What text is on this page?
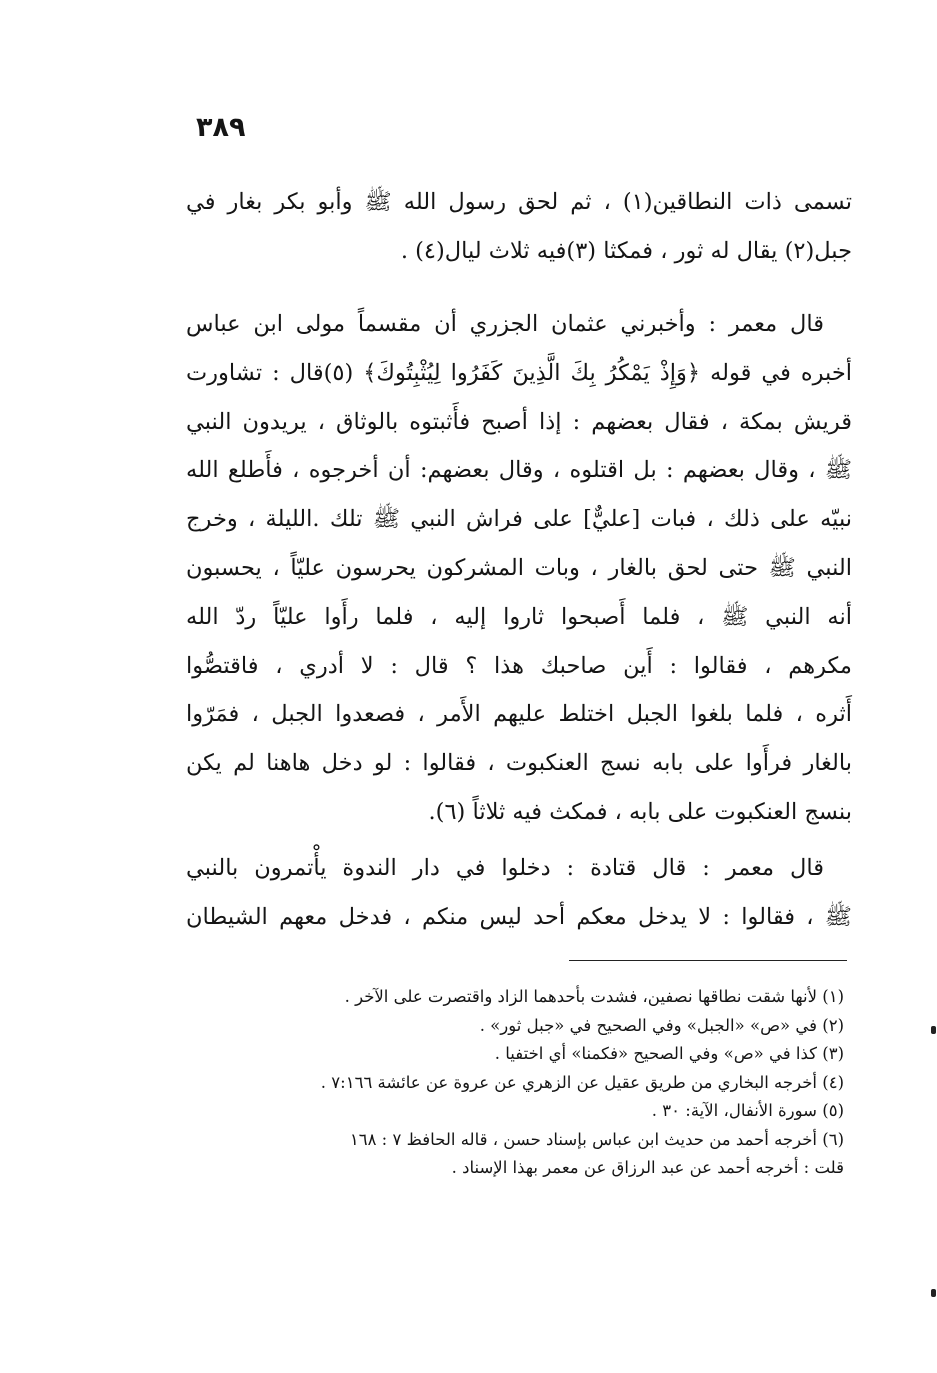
٣٨٩

تسمى ذات النطاقين(١) ، ثم لحق رسول الله ﷺ وأبو بكر بغار في

جبل(٢) يقال له ثور ، فمكثا (٣)فيه ثلاث ليال(٤) .

قال معمر : وأخبرني عثمان الجزري أن مقسماً مولى ابن عباس

أخبره في قوله ﴿وَإِذْ يَمْكُرُ بِكَ الَّذِينَ كَفَرُوا لِيُثْبِتُوكَ﴾ (٥)قال : تشاورت

قريش بمكة ، فقال بعضهم : إذا أصبح فأَثبتوه بالوثاق ، يريدون النبي

ﷺ ، وقال بعضهم : بل اقتلوه ، وقال بعضهم: أن أخرجوه ، فأَطلع الله

نبيّه على ذلك ، فبات [عليٌّ] على فراش النبي ﷺ تلك .الليلة ، وخرج

النبي ﷺ حتى لحق بالغار ، وبات المشركون يحرسون عليّاً ، يحسبون

أنه النبي ﷺ ، فلما أَصبحوا ثاروا إليه ، فلما رأَوا عليّاً ردّ الله

مكرهم ، فقالوا : أَين صاحبك هذا ؟ قال : لا أدري ، فاقتصُّوا

أَثره ، فلما بلغوا الجبل اختلط عليهم الأَمر ، فصعدوا الجبل ، فمَرّوا

بالغار فرأَوا على بابه نسج العنكبوت ، فقالوا : لو دخل هاهنا لم يكن

بنسج العنكبوت على بابه ، فمكث فيه ثلاثاً (٦).

قال معمر : قال قتادة : دخلوا في دار الندوة يأْتمرون بالنبي

ﷺ ، فقالوا : لا يدخل معكم أحد ليس منكم ، فدخل معهم الشيطان

(١) لأنها شقت نطاقها نصفين، فشدت بأحدهما الزاد واقتصرت على الآخر .

(٢) في «ص» «الجبل» وفي الصحيح في «جبل ثور» .

(٣) كذا في «ص» وفي الصحيح «فكمنا» أي اختفيا .

(٤) أخرجه البخاري من طريق عقيل عن الزهري عن عروة عن عائشة ٧:١٦٦ .

(٥) سورة الأنفال، الآية: ٣٠ .

(٦) أخرجه أحمد من حديث ابن عباس بإسناد حسن ، قاله الحافظ ٧ : ١٦٨

قلت : أخرجه أحمد عن عبد الرزاق عن معمر بهذا الإسناد .
